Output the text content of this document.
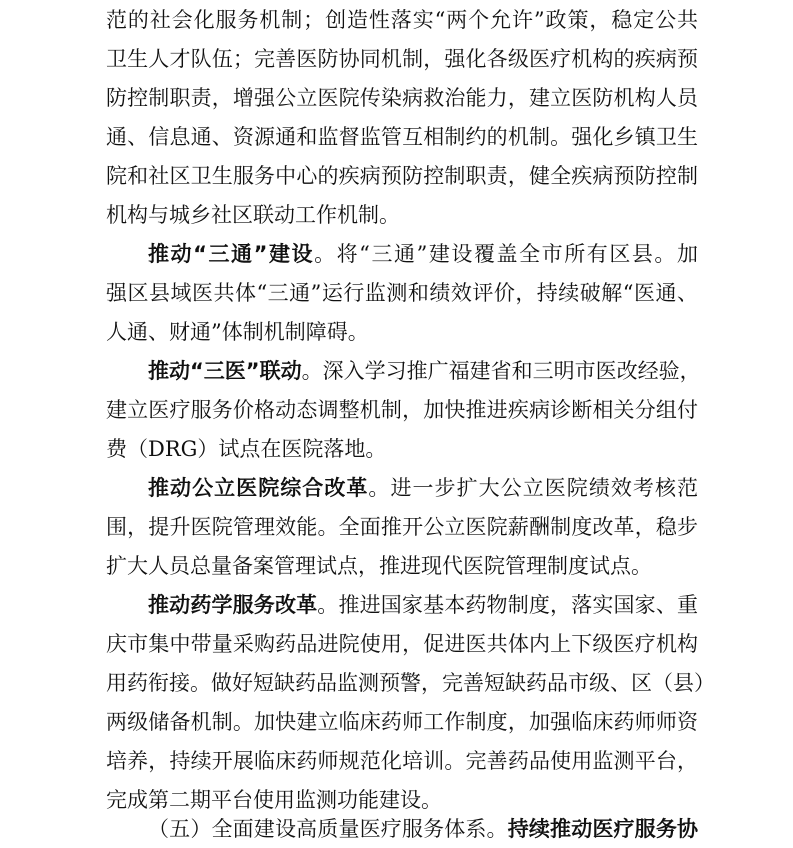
范的社会化服务机制；创造性落实“两个允许”政策，稳定公共
卫生人才队伍；完善医防协同机制，强化各级医疗机构的疾病预
防控制职责，增强公立医院传染病救治能力，建立医防机构人员
通、信息通、资源通和监督监管互相制约的机制。强化乡镇卫生
院和社区卫生服务中心的疾病预防控制职责，健全疾病预防控制
机构与城乡社区联动工作机制。
推动“三通”建设。将“三通”建设覆盖全市所有区县。加
强区县域医共体“三通”运行监测和绩效评价，持续破解“医通、
人通、财通”体制机制障碍。
推动“三医”联动。深入学习推广福建省和三明市医改经验，
建立医疗服务价格动态调整机制，加快推进疾病诊断相关分组付
费（DRG）试点在医院落地。
推动公立医院综合改革。进一步扩大公立医院绩效考核范
围，提升医院管理效能。全面推开公立医院薪酬制度改革，稳步
扩大人员总量备案管理试点，推进现代医院管理制度试点。
推动药学服务改革。推进国家基本药物制度，落实国家、重
庆市集中带量采购药品进院使用，促进医共体内上下级医疗机构
用药衔接。做好短缺药品监测预警，完善短缺药品市级、区（县）
两级储备机制。加快建立临床药师工作制度，加强临床药师师资
培养，持续开展临床药师规范化培训。完善药品使用监测平台，
完成第二期平台使用监测功能建设。
（五）全面建设高质量医疗服务体系。持续推动医疗服务协
